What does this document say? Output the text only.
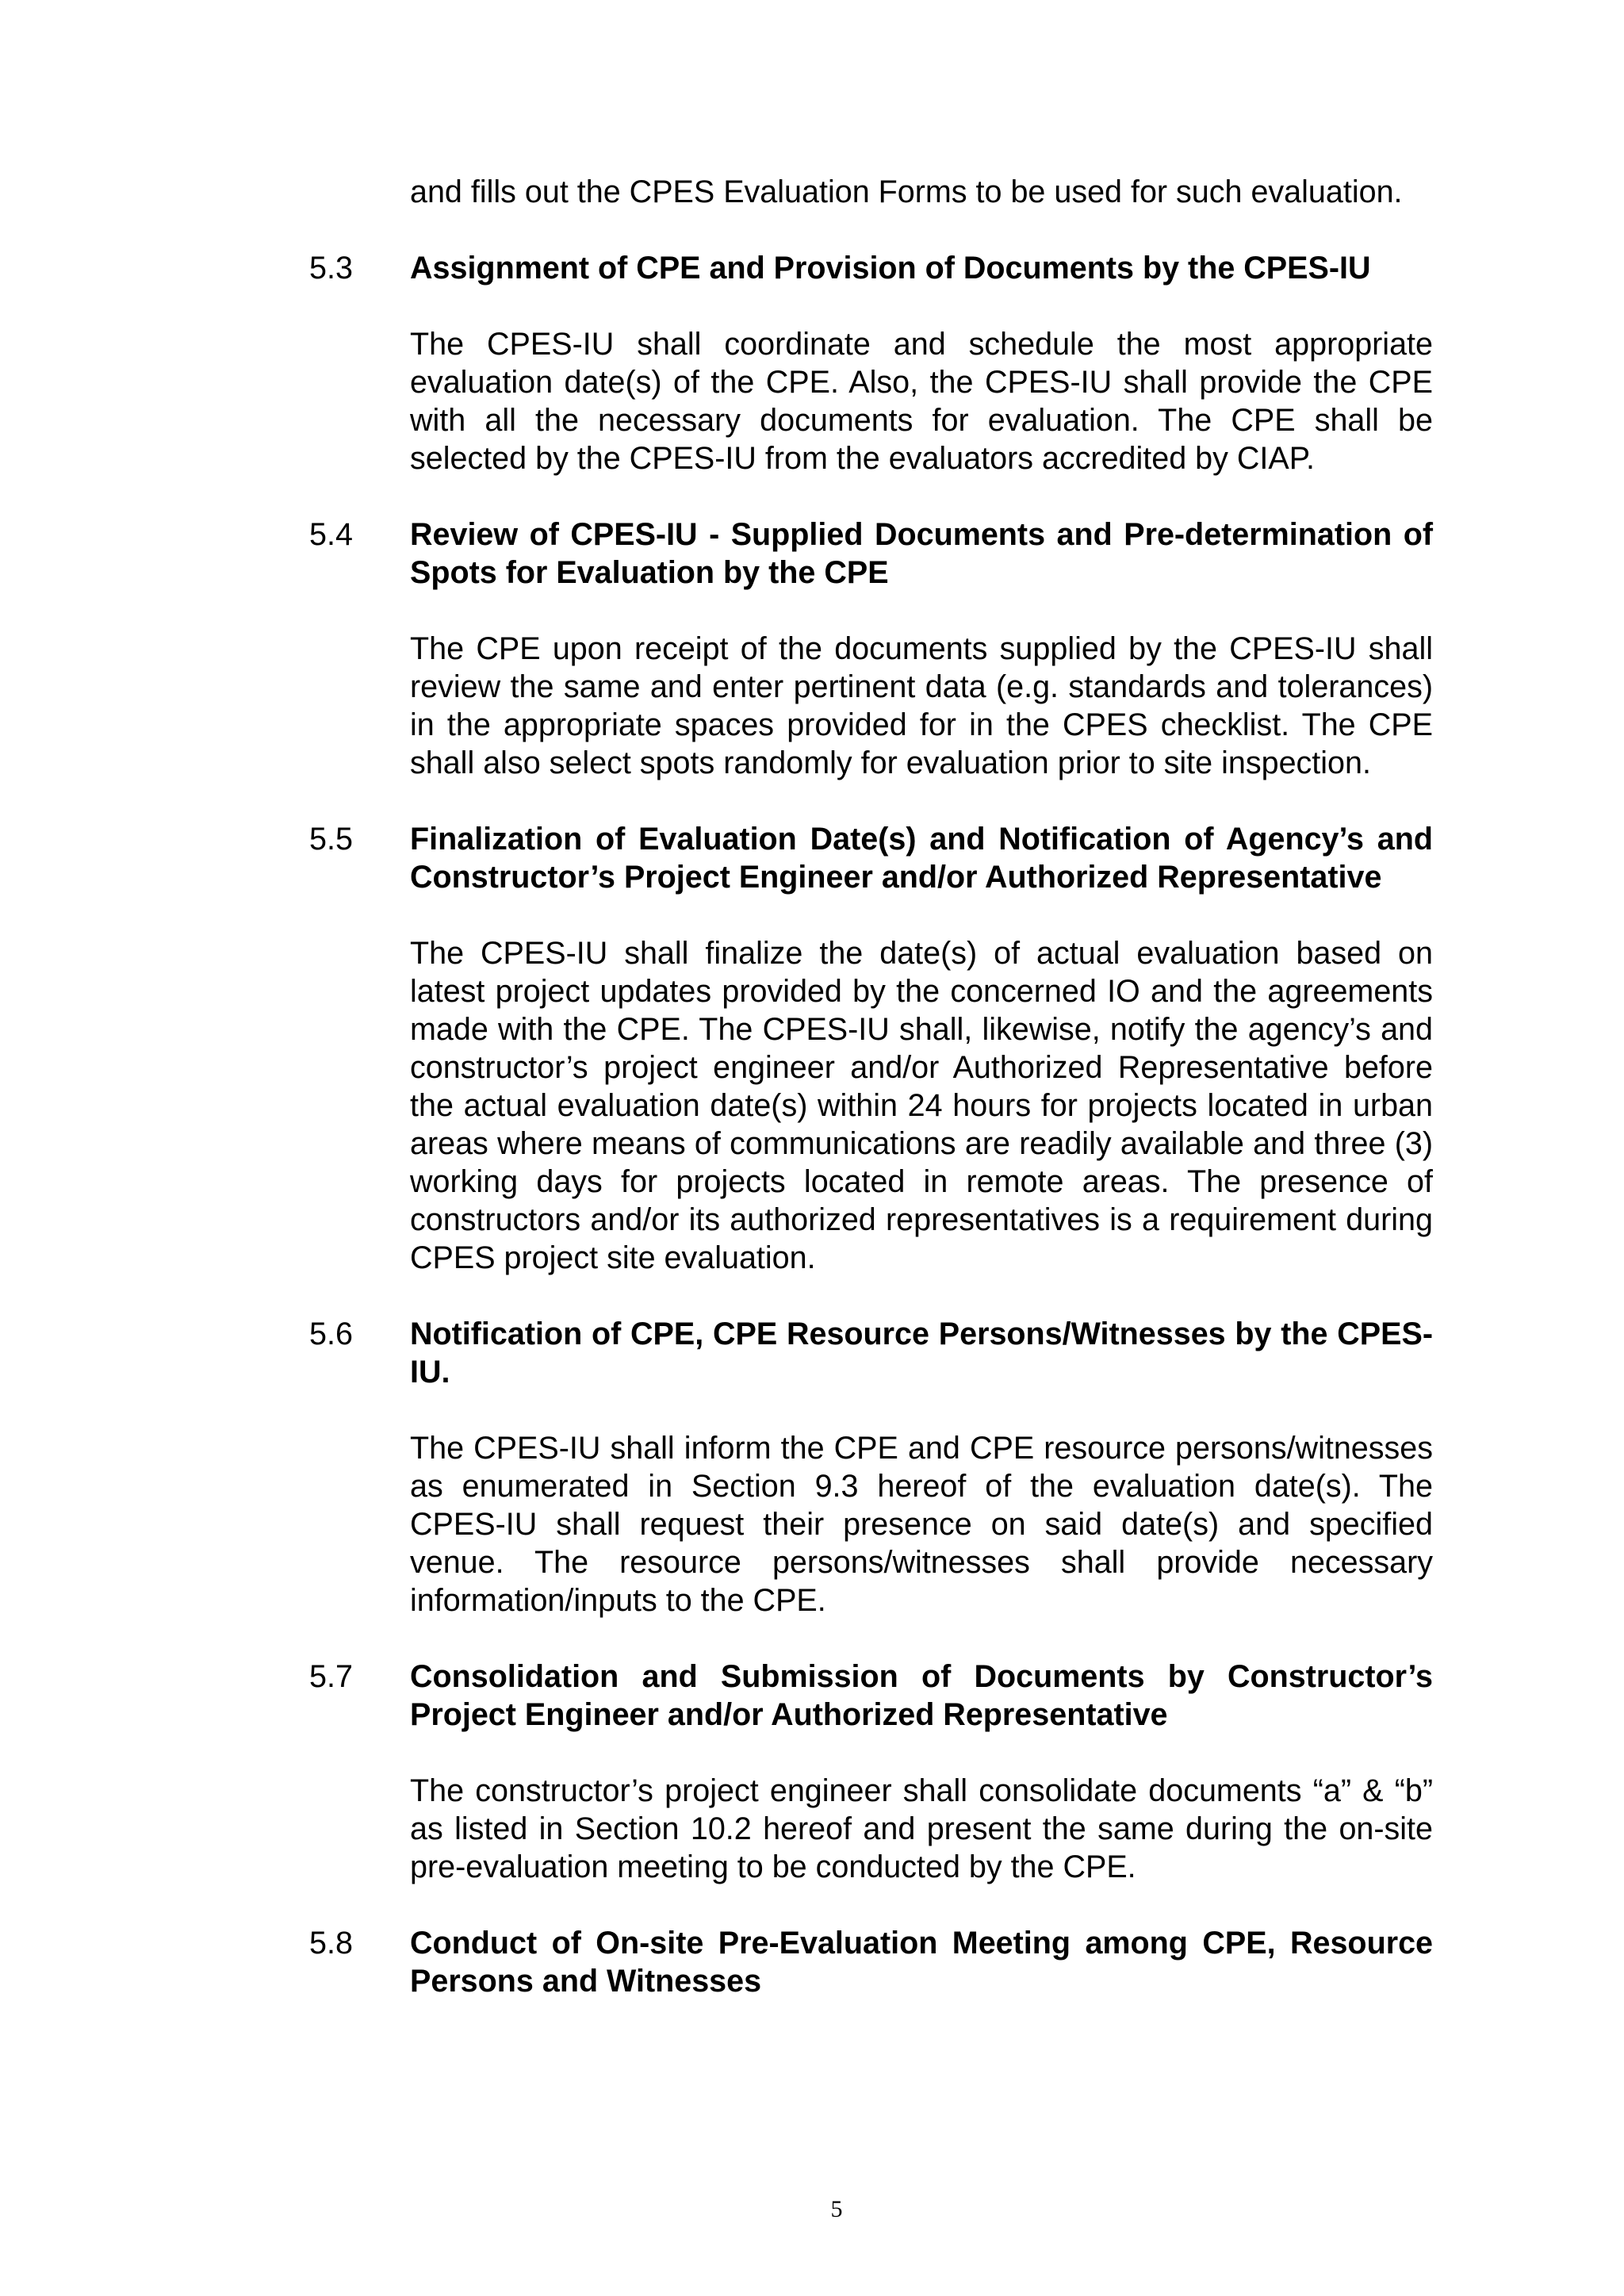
and fills out the CPES Evaluation Forms to be used for such evaluation.

5.3 Assignment of CPE and Provision of Documents by the CPES-IU

The CPES-IU shall coordinate and schedule the most appropriate evaluation date(s) of the CPE. Also, the CPES-IU shall provide the CPE with all the necessary documents for evaluation. The CPE shall be selected by the CPES-IU from the evaluators accredited by CIAP.

5.4 Review of CPES-IU - Supplied Documents and Pre-determination of Spots for Evaluation by the CPE

The CPE upon receipt of the documents supplied by the CPES-IU shall review the same and enter pertinent data (e.g. standards and tolerances) in the appropriate spaces provided for in the CPES checklist. The CPE shall also select spots randomly for evaluation prior to site inspection.

5.5 Finalization of Evaluation Date(s) and Notification of Agency’s and Constructor’s Project Engineer and/or Authorized Representative

The CPES-IU shall finalize the date(s) of actual evaluation based on latest project updates provided by the concerned IO and the agreements made with the CPE. The CPES-IU shall, likewise, notify the agency’s and constructor’s project engineer and/or Authorized Representative before the actual evaluation date(s) within 24 hours for projects located in urban areas where means of communications are readily available and three (3) working days for projects located in remote areas. The presence of constructors and/or its authorized representatives is a requirement during CPES project site evaluation.

5.6 Notification of CPE, CPE Resource Persons/Witnesses by the CPES-IU.

The CPES-IU shall inform the CPE and CPE resource persons/witnesses as enumerated in Section 9.3 hereof of the evaluation date(s). The CPES-IU shall request their presence on said date(s) and specified venue. The resource persons/witnesses shall provide necessary information/inputs to the CPE.

5.7 Consolidation and Submission of Documents by Constructor’s Project Engineer and/or Authorized Representative

The constructor’s project engineer shall consolidate documents “a” & “b” as listed in Section 10.2 hereof and present the same during the on-site pre-evaluation meeting to be conducted by the CPE.

5.8 Conduct of On-site Pre-Evaluation Meeting among CPE, Resource Persons and Witnesses

5
